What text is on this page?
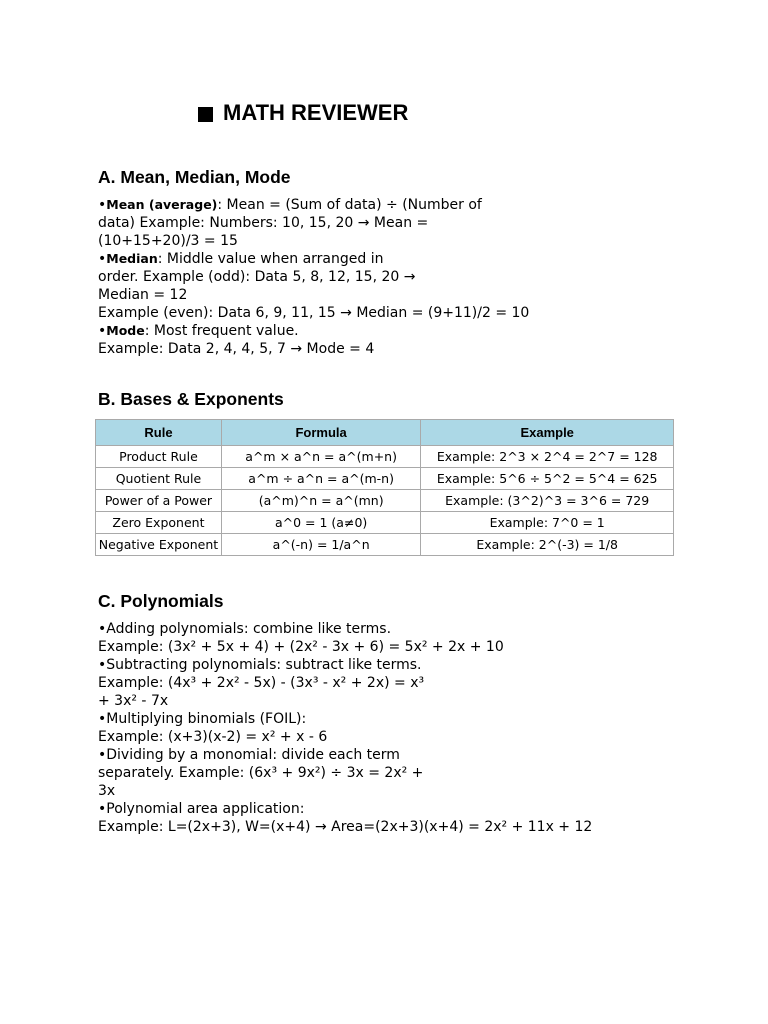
MATH REVIEWER
A. Mean, Median, Mode
•Mean (average): Mean = (Sum of data) ÷ (Number of
data) Example: Numbers: 10, 15, 20 → Mean =
(10+15+20)/3 = 15
•Median: Middle value when arranged in
order. Example (odd): Data 5, 8, 12, 15, 20 →
Median = 12
Example (even): Data 6, 9, 11, 15 → Median = (9+11)/2 = 10
•Mode: Most frequent value.
Example: Data 2, 4, 4, 5, 7 → Mode = 4
B. Bases & Exponents
Rule	Formula	Example
Product Rule	a^m × a^n = a^(m+n)	Example: 2^3 × 2^4 = 2^7 = 128
Quotient Rule	a^m ÷ a^n = a^(m-n)	Example: 5^6 ÷ 5^2 = 5^4 = 625
Power of a Power	(a^m)^n = a^(mn)	Example: (3^2)^3 = 3^6 = 729
Zero Exponent	a^0 = 1 (a≠0)	Example: 7^0 = 1
Negative Exponent	a^(-n) = 1/a^n	Example: 2^(-3) = 1/8
C. Polynomials
•Adding polynomials: combine like terms.
Example: (3x² + 5x + 4) + (2x² - 3x + 6) = 5x² + 2x + 10
•Subtracting polynomials: subtract like terms.
Example: (4x³ + 2x² - 5x) - (3x³ - x² + 2x) = x³
+ 3x² - 7x
•Multiplying binomials (FOIL):
Example: (x+3)(x-2) = x² + x - 6
•Dividing by a monomial: divide each term
separately. Example: (6x³ + 9x²) ÷ 3x = 2x² +
3x
•Polynomial area application:
Example: L=(2x+3), W=(x+4) → Area=(2x+3)(x+4) = 2x² + 11x + 12
